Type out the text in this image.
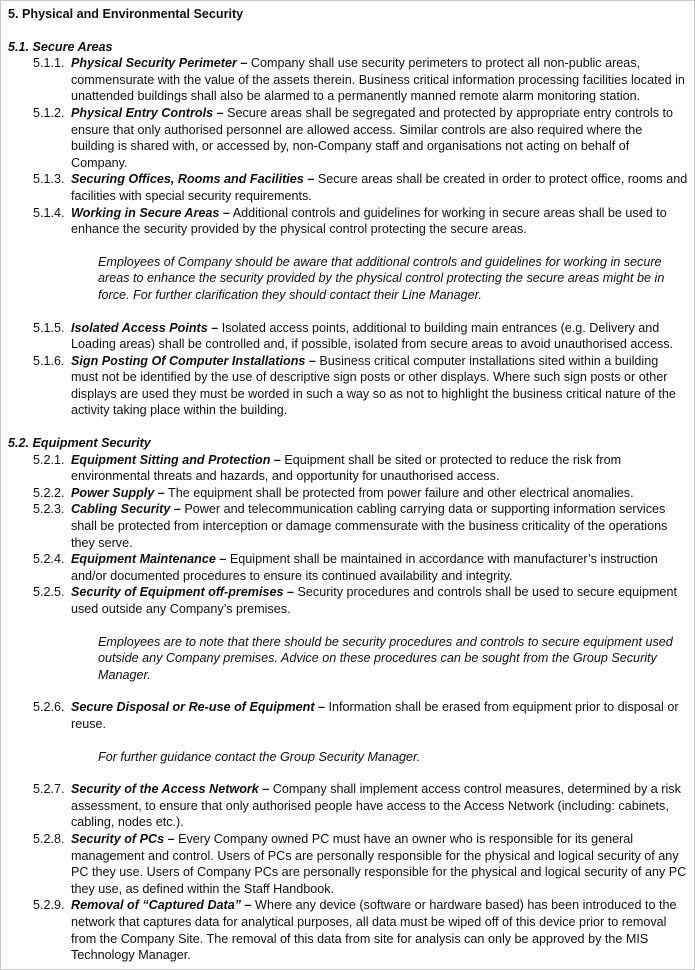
5. Physical and Environmental Security
5.1. Secure Areas
5.1.1. Physical Security Perimeter – Company shall use security perimeters to protect all non-public areas, commensurate with the value of the assets therein. Business critical information processing facilities located in unattended buildings shall also be alarmed to a permanently manned remote alarm monitoring station.
5.1.2. Physical Entry Controls – Secure areas shall be segregated and protected by appropriate entry controls to ensure that only authorised personnel are allowed access. Similar controls are also required where the building is shared with, or accessed by, non-Company staff and organisations not acting on behalf of Company.
5.1.3. Securing Offices, Rooms and Facilities – Secure areas shall be created in order to protect office, rooms and facilities with special security requirements.
5.1.4. Working in Secure Areas – Additional controls and guidelines for working in secure areas shall be used to enhance the security provided by the physical control protecting the secure areas.
Employees of Company should be aware that additional controls and guidelines for working in secure areas to enhance the security provided by the physical control protecting the secure areas might be in force. For further clarification they should contact their Line Manager.
5.1.5. Isolated Access Points – Isolated access points, additional to building main entrances (e.g. Delivery and Loading areas) shall be controlled and, if possible, isolated from secure areas to avoid unauthorised access.
5.1.6. Sign Posting Of Computer Installations – Business critical computer installations sited within a building must not be identified by the use of descriptive sign posts or other displays. Where such sign posts or other displays are used they must be worded in such a way so as not to highlight the business critical nature of the activity taking place within the building.
5.2. Equipment Security
5.2.1. Equipment Sitting and Protection – Equipment shall be sited or protected to reduce the risk from environmental threats and hazards, and opportunity for unauthorised access.
5.2.2. Power Supply – The equipment shall be protected from power failure and other electrical anomalies.
5.2.3. Cabling Security – Power and telecommunication cabling carrying data or supporting information services shall be protected from interception or damage commensurate with the business criticality of the operations they serve.
5.2.4. Equipment Maintenance – Equipment shall be maintained in accordance with manufacturer’s instruction and/or documented procedures to ensure its continued availability and integrity.
5.2.5. Security of Equipment off-premises – Security procedures and controls shall be used to secure equipment used outside any Company’s premises.
Employees are to note that there should be security procedures and controls to secure equipment used outside any Company premises. Advice on these procedures can be sought from the Group Security Manager.
5.2.6. Secure Disposal or Re-use of Equipment – Information shall be erased from equipment prior to disposal or reuse.
For further guidance contact the Group Security Manager.
5.2.7. Security of the Access Network – Company shall implement access control measures, determined by a risk assessment, to ensure that only authorised people have access to the Access Network (including: cabinets, cabling, nodes etc.).
5.2.8. Security of PCs – Every Company owned PC must have an owner who is responsible for its general management and control. Users of PCs are personally responsible for the physical and logical security of any PC they use. Users of Company PCs are personally responsible for the physical and logical security of any PC they use, as defined within the Staff Handbook.
5.2.9. Removal of “Captured Data” – Where any device (software or hardware based) has been introduced to the network that captures data for analytical purposes, all data must be wiped off of this device prior to removal from the Company Site. The removal of this data from site for analysis can only be approved by the MIS Technology Manager.
